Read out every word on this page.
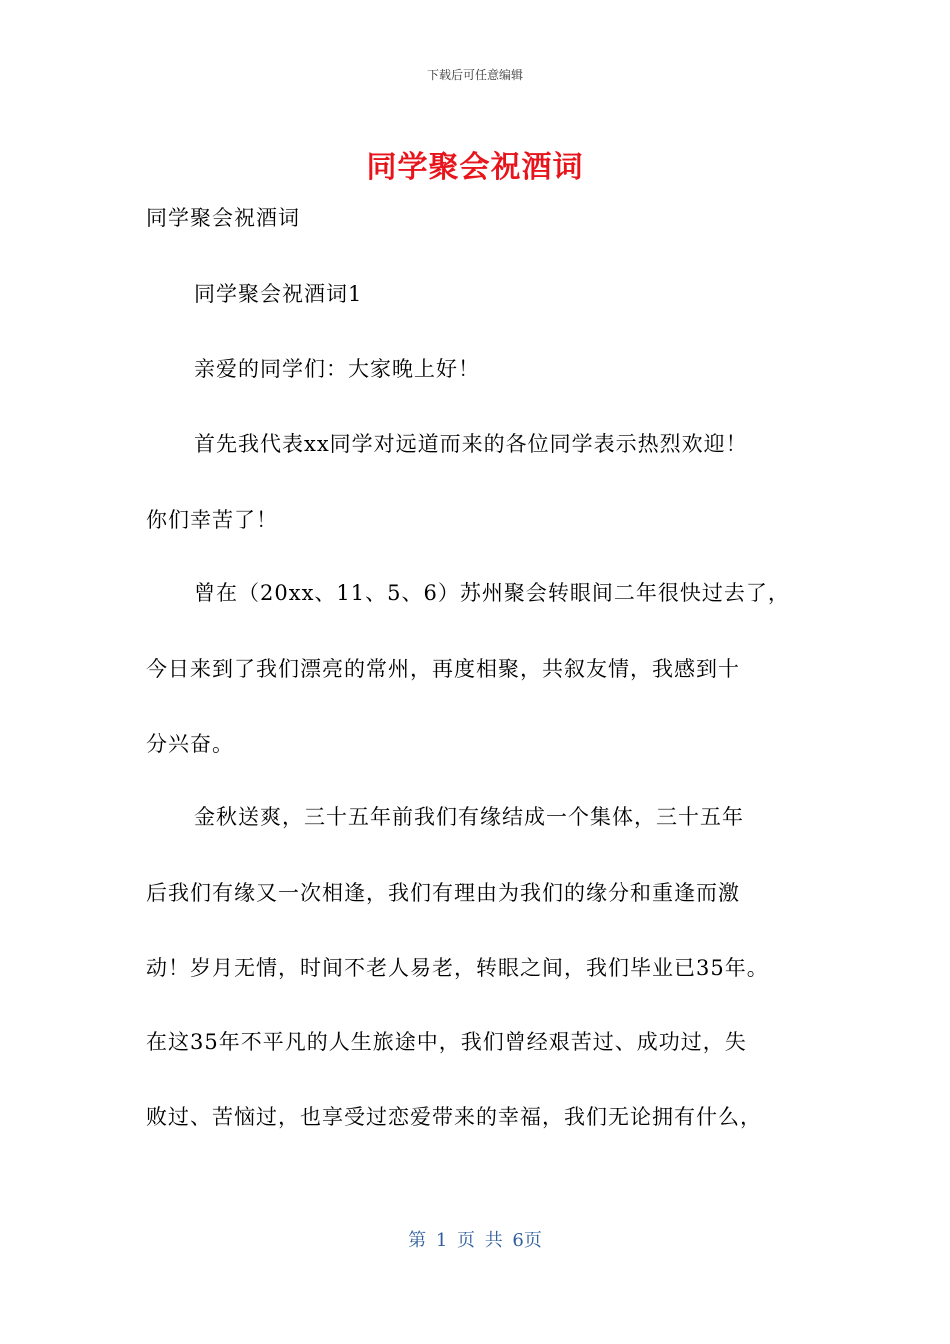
下载后可任意编辑
同学聚会祝酒词
同学聚会祝酒词
同学聚会祝酒词1
亲爱的同学们：大家晚上好！
首先我代表xx同学对远道而来的各位同学表示热烈欢迎！
你们幸苦了！
曾在（20xx、11、5、6）苏州聚会转眼间二年很快过去了，
今日来到了我们漂亮的常州，再度相聚，共叙友情，我感到十
分兴奋。
金秋送爽，三十五年前我们有缘结成一个集体，三十五年
后我们有缘又一次相逢，我们有理由为我们的缘分和重逢而激
动！岁月无情，时间不老人易老，转眼之间，我们毕业已35年。
在这35年不平凡的人生旅途中，我们曾经艰苦过、成功过，失
败过、苦恼过，也享受过恋爱带来的幸福，我们无论拥有什么，
第 1 页 共 6页
